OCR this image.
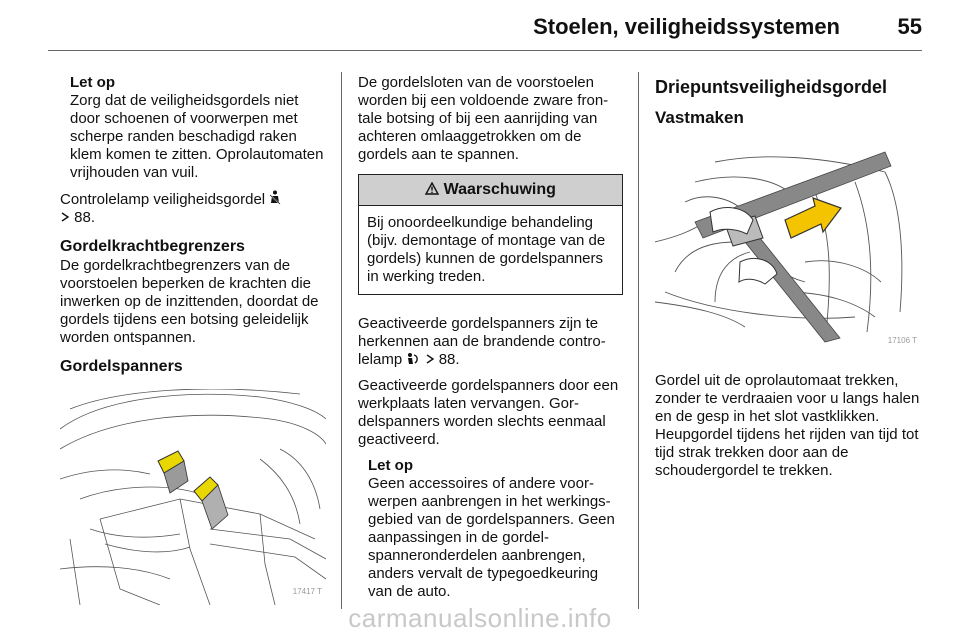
Stoelen, veiligheidssystemen	55

Let op

Zorg dat de veiligheidsgordels niet door schoenen of voorwerpen met scherpe randen beschadigd raken klem komen te zitten. Oprolautomaten vrijhouden van vuil.

Controlelamp veiligheidsgordel
88.

Gordelkrachtbegrenzers

De gordelkrachtbegrenzers van de voorstoelen beperken de krachten die inwerken op de inzittenden, doordat de gordels tijdens een botsing geleidelijk worden ontspannen.

Gordelspanners

17417 T

De gordelsloten van de voorstoelen worden bij een voldoende zware frontale botsing of bij een aanrijding van achteren omlaaggetrokken om de gordels aan te spannen.

Waarschuwing
Bij onoordeelkundige behandeling (bijv. demontage of montage van de gordels) kunnen de gordelspanners in werking treden.

Geactiveerde gordelspanners zijn te herkennen aan de brandende controlelamp 88.

Geactiveerde gordelspanners door een werkplaats laten vervangen. Gordelspanners worden slechts eenmaal geactiveerd.

Let op

Geen accessoires of andere voorwerpen aanbrengen in het werkingsgebied van de gordelspanners. Geen aanpassingen in de gordelspanneronderdelen aanbrengen, anders vervalt de typegoedkeuring van de auto.

Driepuntsveiligheidsgordel

Vastmaken

17106 T

Gordel uit de oprolautomaat trekken, zonder te verdraaien voor u langs halen en de gesp in het slot vastklikken. Heupgordel tijdens het rijden van tijd tot tijd strak trekken door aan de schoudergordel te trekken.

carmanualsonline.info
